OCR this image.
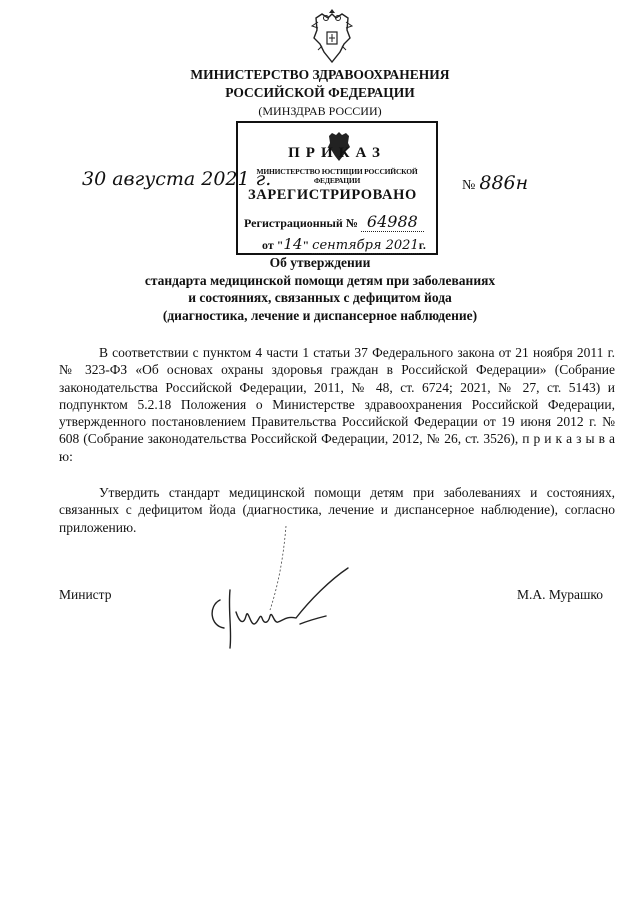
МИНИСТЕРСТВО ЗДРАВООХРАНЕНИЯ
РОССИЙСКОЙ ФЕДЕРАЦИИ
(МИНЗДРАВ РОССИИ)
30 августа 2021 г.
ПРИКАЗ
МИНИСТЕРСТВО ЮСТИЦИИ РОССИЙСКОЙ ФЕДЕРАЦИИ
ЗАРЕГИСТРИРОВАНО
Регистрационный № 64988
от "14" сентября 2021г.
№ 886н
Об утверждении
стандарта медицинской помощи детям при заболеваниях
и состояниях, связанных с дефицитом йода
(диагностика, лечение и диспансерное наблюдение)
В соответствии с пунктом 4 части 1 статьи 37 Федерального закона от 21 ноября 2011 г. № 323-ФЗ «Об основах охраны здоровья граждан в Российской Федерации» (Собрание законодательства Российской Федерации, 2011, № 48, ст. 6724; 2021, № 27, ст. 5143) и подпунктом 5.2.18 Положения о Министерстве здравоохранения Российской Федерации, утвержденного постановлением Правительства Российской Федерации от 19 июня 2012 г. № 608 (Собрание законодательства Российской Федерации, 2012, № 26, ст. 3526), п р и к а з ы в а ю:
Утвердить стандарт медицинской помощи детям при заболеваниях и состояниях, связанных с дефицитом йода (диагностика, лечение и диспансерное наблюдение), согласно приложению.
Министр	М.А. Мурашко
